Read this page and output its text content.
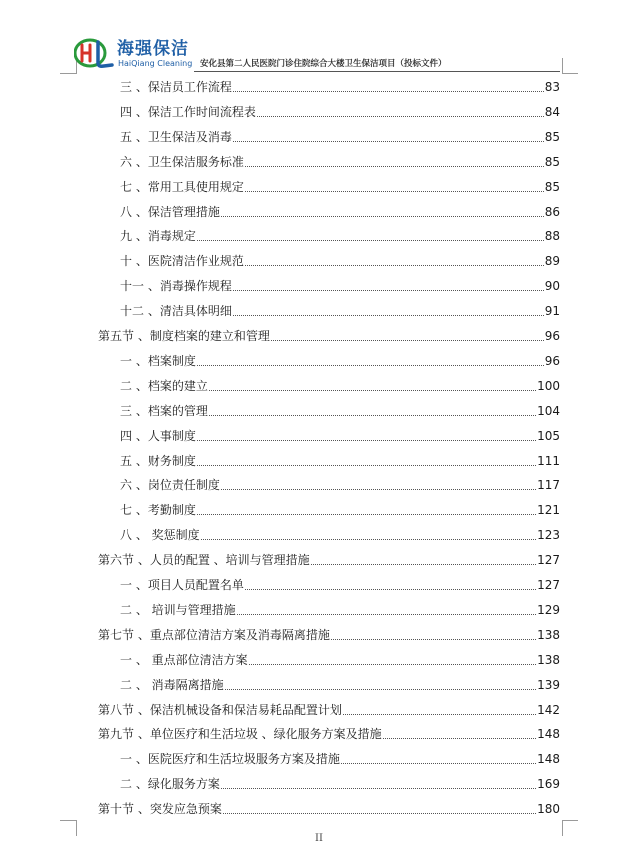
海强保洁
HaiQiang Cleaning 安化县第二人民医院门诊住院综合大楼卫生保洁项目（投标文件）
三 、保洁员工作流程	83
四 、保洁工作时间流程表	84
五 、卫生保洁及消毒	85
六 、卫生保洁服务标准	85
七 、常用工具使用规定	85
八 、保洁管理措施	86
九 、消毒规定	88
十 、医院清洁作业规范	89
十一 、消毒操作规程	90
十二 、清洁具体明细	91
第五节 、制度档案的建立和管理	96
一 、档案制度	96
二 、档案的建立	100
三 、档案的管理	104
四 、人事制度	105
五 、财务制度	111
六 、岗位责任制度	117
七 、考勤制度	121
八 、 奖惩制度	123
第六节 、人员的配置 、培训与管理措施	127
一 、项目人员配置名单	127
二 、 培训与管理措施	129
第七节 、重点部位清洁方案及消毒隔离措施	138
一 、 重点部位清洁方案	138
二 、 消毒隔离措施	139
第八节 、保洁机械设备和保洁易耗品配置计划	142
第九节 、单位医疗和生活垃圾 、绿化服务方案及措施	148
一 、医院医疗和生活垃圾服务方案及措施	148
二 、绿化服务方案	169
第十节 、突发应急预案	180
II
